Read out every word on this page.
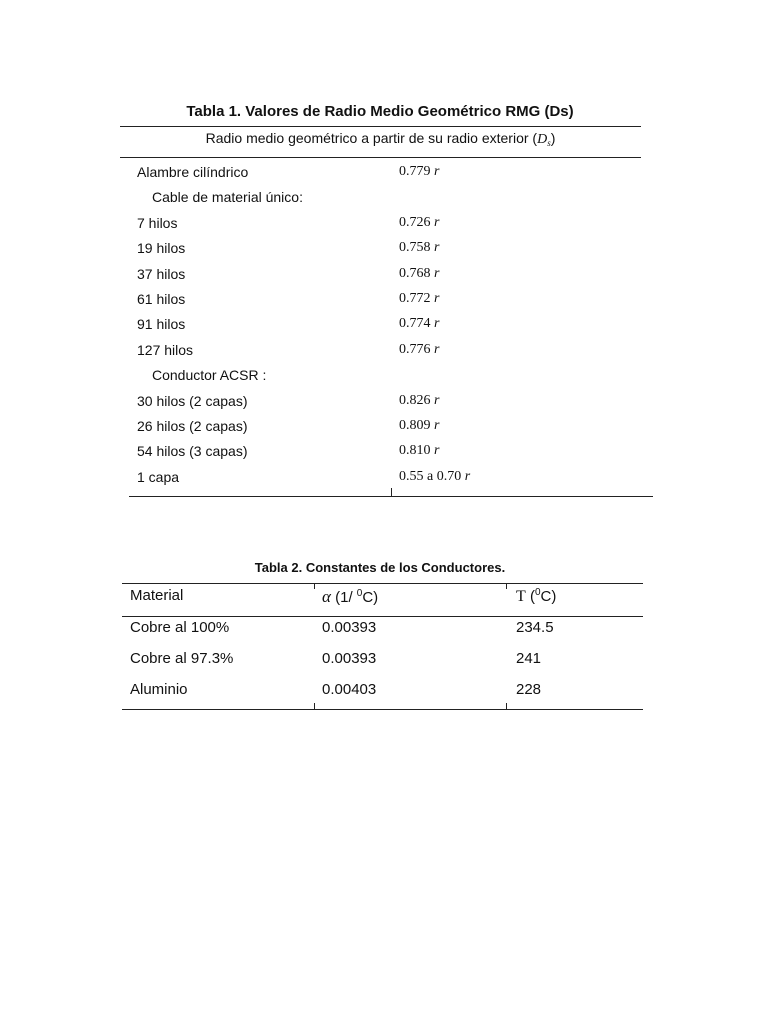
Tabla 1. Valores de Radio Medio Geométrico RMG (Ds)
Radio medio geométrico a partir de su radio exterior $(D_s)$
Alambre cilíndrico	0.779 r
Cable de material único:
7 hilos	0.726 r
19 hilos	0.758 r
37 hilos	0.768 r
61 hilos	0.772 r
91 hilos	0.774 r
127 hilos	0.776 r
Conductor ACSR :
30 hilos (2 capas)	0.826 r
26 hilos (2 capas)	0.809 r
54 hilos (3 capas)	0.810 r
1 capa	0.55 a 0.70 r
Tabla 2. Constantes de los Conductores.
Material	α (1/ $^0$C)	T ($^0$C)
Cobre al 100%	0.00393	234.5
Cobre al 97.3%	0.00393	241
Aluminio	0.00403	228
